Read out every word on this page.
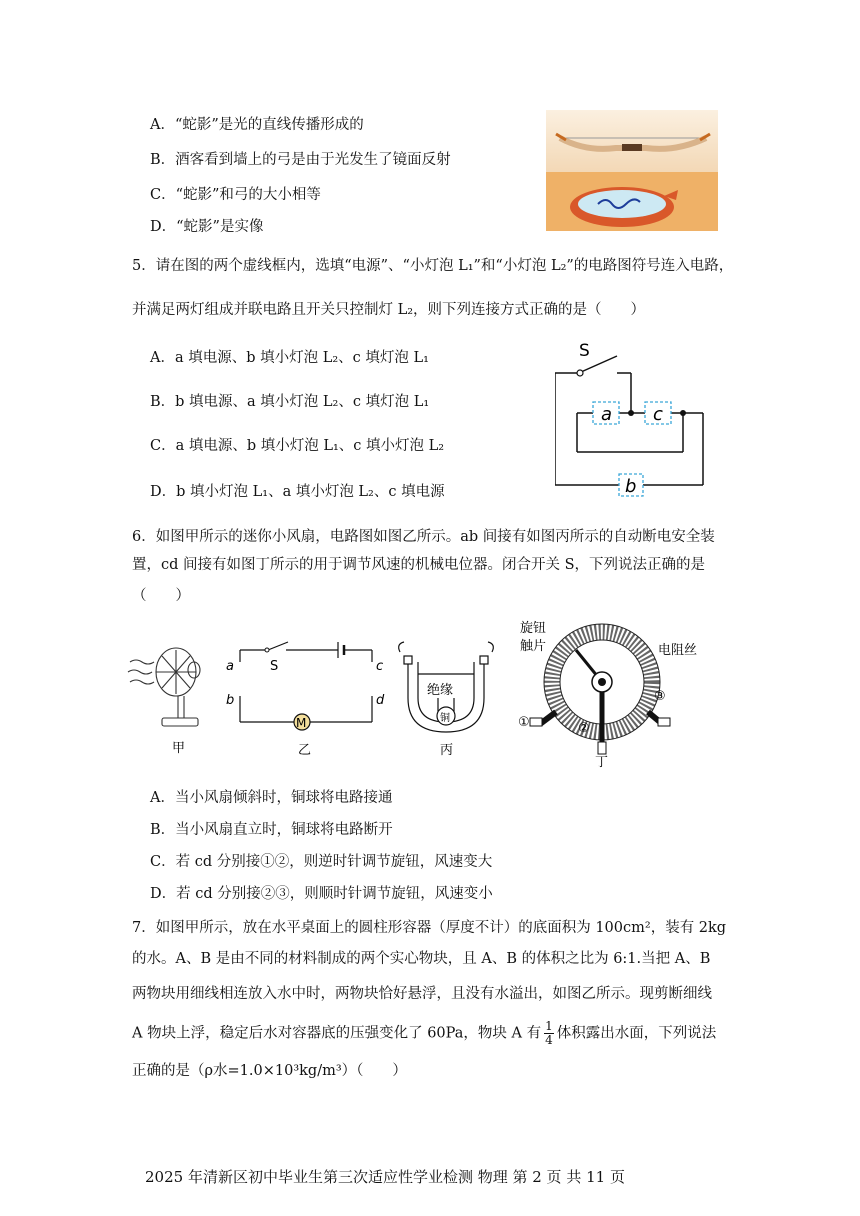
A．“蛇影”是光的直线传播形成的
B．酒客看到墙上的弓是由于光发生了镜面反射
C．“蛇影”和弓的大小相等
D．“蛇影”是实像
5．请在图的两个虚线框内，选填“电源”、“小灯泡 L₁”和“小灯泡 L₂”的电路图符号连入电路，
并满足两灯组成并联电路且开关只控制灯 L₂，则下列连接方式正确的是（　　）
A．a 填电源、b 填小灯泡 L₂、c 填灯泡 L₁
B．b 填电源、a 填小灯泡 L₂、c 填灯泡 L₁
C．a 填电源、b 填小灯泡 L₁、c 填小灯泡 L₂
D．b 填小灯泡 L₁、a 填小灯泡 L₂、c 填电源
S
a c
b
6．如图甲所示的迷你小风扇，电路图如图乙所示。ab 间接有如图丙所示的自动断电安全装
置，cd 间接有如图丁所示的用于调节风速的机械电位器。闭合开关 S，下列说法正确的是
（　　）
甲
M
S
a
b
c
d
乙
绝缘
铜
丙
旋钮
触片	电阻丝
①	②
③
丁
A．当小风扇倾斜时，铜球将电路接通
B．当小风扇直立时，铜球将电路断开
C．若 cd 分别接①②，则逆时针调节旋钮，风速变大
D．若 cd 分别接②③，则顺时针调节旋钮，风速变小
7．如图甲所示，放在水平桌面上的圆柱形容器（厚度不计）的底面积为 100cm²，装有 2kg
的水。A、B 是由不同的材料制成的两个实心物块，且 A、B 的体积之比为 6:1.当把 A、B
两物块用细线相连放入水中时，两物块恰好悬浮，且没有水溢出，如图乙所示。现剪断细线
A 物块上浮，稳定后水对容器底的压强变化了 60Pa，物块 A 有 $\frac{1}{4}$ 体积露出水面，下列说法
正确的是（ρ水=1.0×10³kg/m³）（　　）
2025 年清新区初中毕业生第三次适应性学业检测 物理 第 2 页 共 11 页
